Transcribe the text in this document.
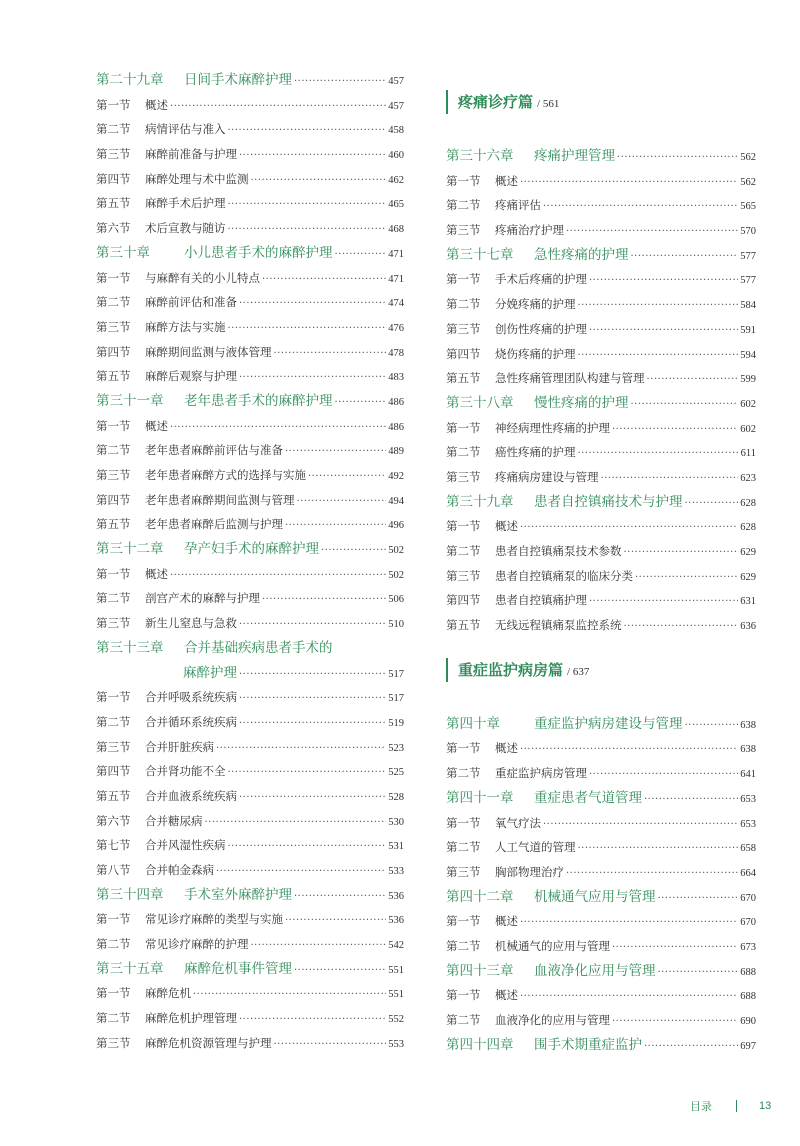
第二十九章	日间手术麻醉护理 ·····	457
第一节	概述 ·····	457
第二节	病情评估与准入 ·····	458
第三节	麻醉前准备与护理 ·····	460
第四节	麻醉处理与术中监测 ·····	462
第五节	麻醉手术后护理 ·····	465
第六节	术后宣教与随访 ·····	468
第三十章	小儿患者手术的麻醉护理 ·····	471
第一节	与麻醉有关的小儿特点 ·····	471
第二节	麻醉前评估和准备 ·····	474
第三节	麻醉方法与实施 ·····	476
第四节	麻醉期间监测与液体管理 ·····	478
第五节	麻醉后观察与护理 ·····	483
第三十一章	老年患者手术的麻醉护理 ·····	486
第一节	概述 ·····	486
第二节	老年患者麻醉前评估与准备 ·····	489
第三节	老年患者麻醉方式的选择与实施 ·····	492
第四节	老年患者麻醉期间监测与管理 ·····	494
第五节	老年患者麻醉后监测与护理 ·····	496
第三十二章	孕产妇手术的麻醉护理 ·····	502
第一节	概述 ·····	502
第二节	剖宫产术的麻醉与护理 ·····	506
第三节	新生儿窒息与急救 ·····	510
第三十三章	合并基础疾病患者手术的
麻醉护理 ·····	517
第一节	合并呼吸系统疾病 ·····	517
第二节	合并循环系统疾病 ·····	519
第三节	合并肝脏疾病 ·····	523
第四节	合并肾功能不全 ·····	525
第五节	合并血液系统疾病 ·····	528
第六节	合并糖尿病 ·····	530
第七节	合并风湿性疾病 ·····	531
第八节	合并帕金森病 ·····	533
第三十四章	手术室外麻醉护理 ·····	536
第一节	常见诊疗麻醉的类型与实施 ·····	536
第二节	常见诊疗麻醉的护理 ·····	542
第三十五章	麻醉危机事件管理 ·····	551
第一节	麻醉危机 ·····	551
第二节	麻醉危机护理管理 ·····	552
第三节	麻醉危机资源管理与护理 ·····	553
疼痛诊疗篇 / 561
第三十六章	疼痛护理管理 ·····	562
第一节	概述 ·····	562
第二节	疼痛评估 ·····	565
第三节	疼痛治疗护理 ·····	570
第三十七章	急性疼痛的护理 ·····	577
第一节	手术后疼痛的护理 ·····	577
第二节	分娩疼痛的护理 ·····	584
第三节	创伤性疼痛的护理 ·····	591
第四节	烧伤疼痛的护理 ·····	594
第五节	急性疼痛管理团队构建与管理 ·····	599
第三十八章	慢性疼痛的护理 ·····	602
第一节	神经病理性疼痛的护理 ·····	602
第二节	癌性疼痛的护理 ·····	611
第三节	疼痛病房建设与管理 ·····	623
第三十九章	患者自控镇痛技术与护理 ·····	628
第一节	概述 ·····	628
第二节	患者自控镇痛泵技术参数 ·····	629
第三节	患者自控镇痛泵的临床分类 ·····	629
第四节	患者自控镇痛护理 ·····	631
第五节	无线远程镇痛泵监控系统 ·····	636
重症监护病房篇 / 637
第四十章	重症监护病房建设与管理 ·····	638
第一节	概述 ·····	638
第二节	重症监护病房管理 ·····	641
第四十一章	重症患者气道管理 ·····	653
第一节	氧气疗法 ·····	653
第二节	人工气道的管理 ·····	658
第三节	胸部物理治疗 ·····	664
第四十二章	机械通气应用与管理 ·····	670
第一节	概述 ·····	670
第二节	机械通气的应用与管理 ·····	673
第四十三章	血液净化应用与管理 ·····	688
第一节	概述 ·····	688
第二节	血液净化的应用与管理 ·····	690
第四十四章	围手术期重症监护 ·····	697
目录	13
